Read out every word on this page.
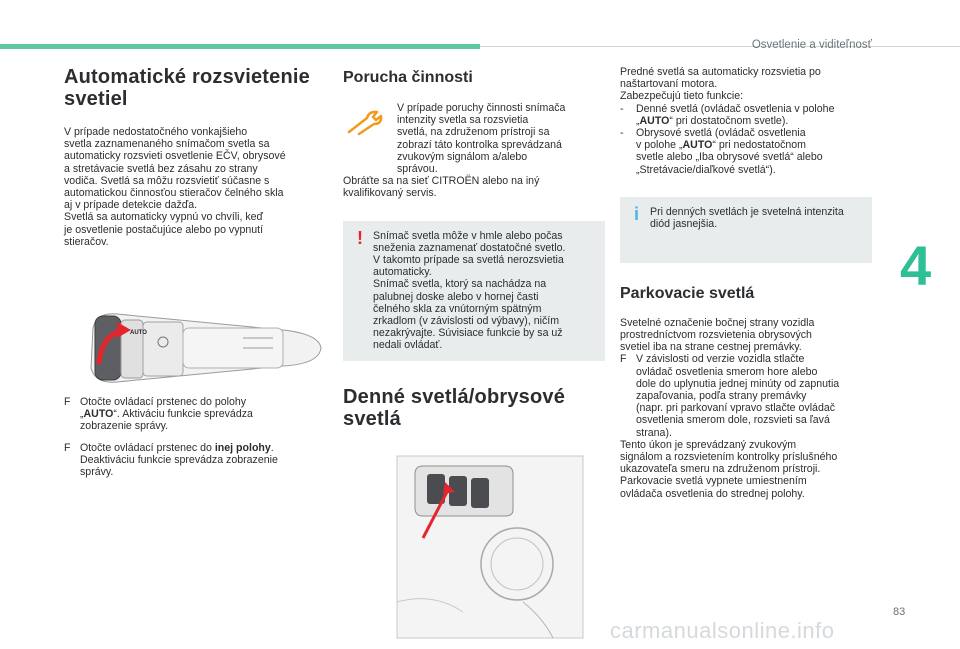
Osvetlenie a viditeľnosť
Automatické rozsvietenie
svetiel

V prípade nedostatočného vonkajšieho
svetla zaznamenaného snímačom svetla sa
automaticky rozsvieti osvetlenie EČV, obrysové
a stretávacie svetlá bez zásahu zo strany
vodiča. Svetlá sa môžu rozsvietiť súčasne s
automatickou činnosťou stieračov čelného skla
aj v prípade detekcie dažďa.
Svetlá sa automaticky vypnú vo chvíli, keď
je osvetlenie postačujúce alebo po vypnutí
stieračov.

AUTO
F Otočte ovládací prstenec do polohy
„AUTO“. Aktiváciu funkcie sprevádza
zobrazenie správy.
F Otočte ovládací prstenec do inej polohy.
Deaktiváciu funkcie sprevádza zobrazenie
správy.
Porucha činnosti

V prípade poruchy činnosti snímača
intenzity svetla sa rozsvietia
svetlá, na združenom prístroji sa
zobrazí táto kontrolka sprevádzaná
zvukovým signálom a/alebo
správou.

Obráťte sa na sieť CITROËN alebo na iný
kvalifikovaný servis.

! Snímač svetla môže v hmle alebo počas
sneženia zaznamenať dostatočné svetlo.
V takomto prípade sa svetlá nerozsvietia
automaticky.
Snímač svetla, ktorý sa nachádza na
palubnej doske alebo v hornej časti
čelného skla za vnútorným spätným
zrkadlom (v závislosti od výbavy), ničím
nezakrývajte. Súvisiace funkcie by sa už
nedali ovládať.

Denné svetlá/obrysové
svetlá

Predné svetlá sa automaticky rozsvietia po
naštartovaní motora.
Zabezpečujú tieto funkcie:

- Denné svetlá (ovládač osvetlenia v polohe
„AUTO“ pri dostatočnom svetle).
- Obrysové svetlá (ovládač osvetlenia
v polohe „AUTO“ pri nedostatočnom
svetle alebo „Iba obrysové svetlá“ alebo
„Stretávacie/diaľkové svetlá“).
i Pri denných svetlách je svetelná intenzita
diód jasnejšia.

Parkovacie svetlá

Svetelné označenie bočnej strany vozidla
prostredníctvom rozsvietenia obrysových
svetiel iba na strane cestnej premávky.

F V závislosti od verzie vozidla stlačte
ovládač osvetlenia smerom hore alebo
dole do uplynutia jednej minúty od zapnutia
zapaľovania, podľa strany premávky
(napr. pri parkovaní vpravo stlačte ovládač
osvetlenia smerom dole, rozsvieti sa ľavá
strana).

Tento úkon je sprevádzaný zvukovým
signálom a rozsvietením kontrolky príslušného
ukazovateľa smeru na združenom prístroji.
Parkovacie svetlá vypnete umiestnením
ovládača osvetlenia do strednej polohy.

4
83
carmanualsonline.info
